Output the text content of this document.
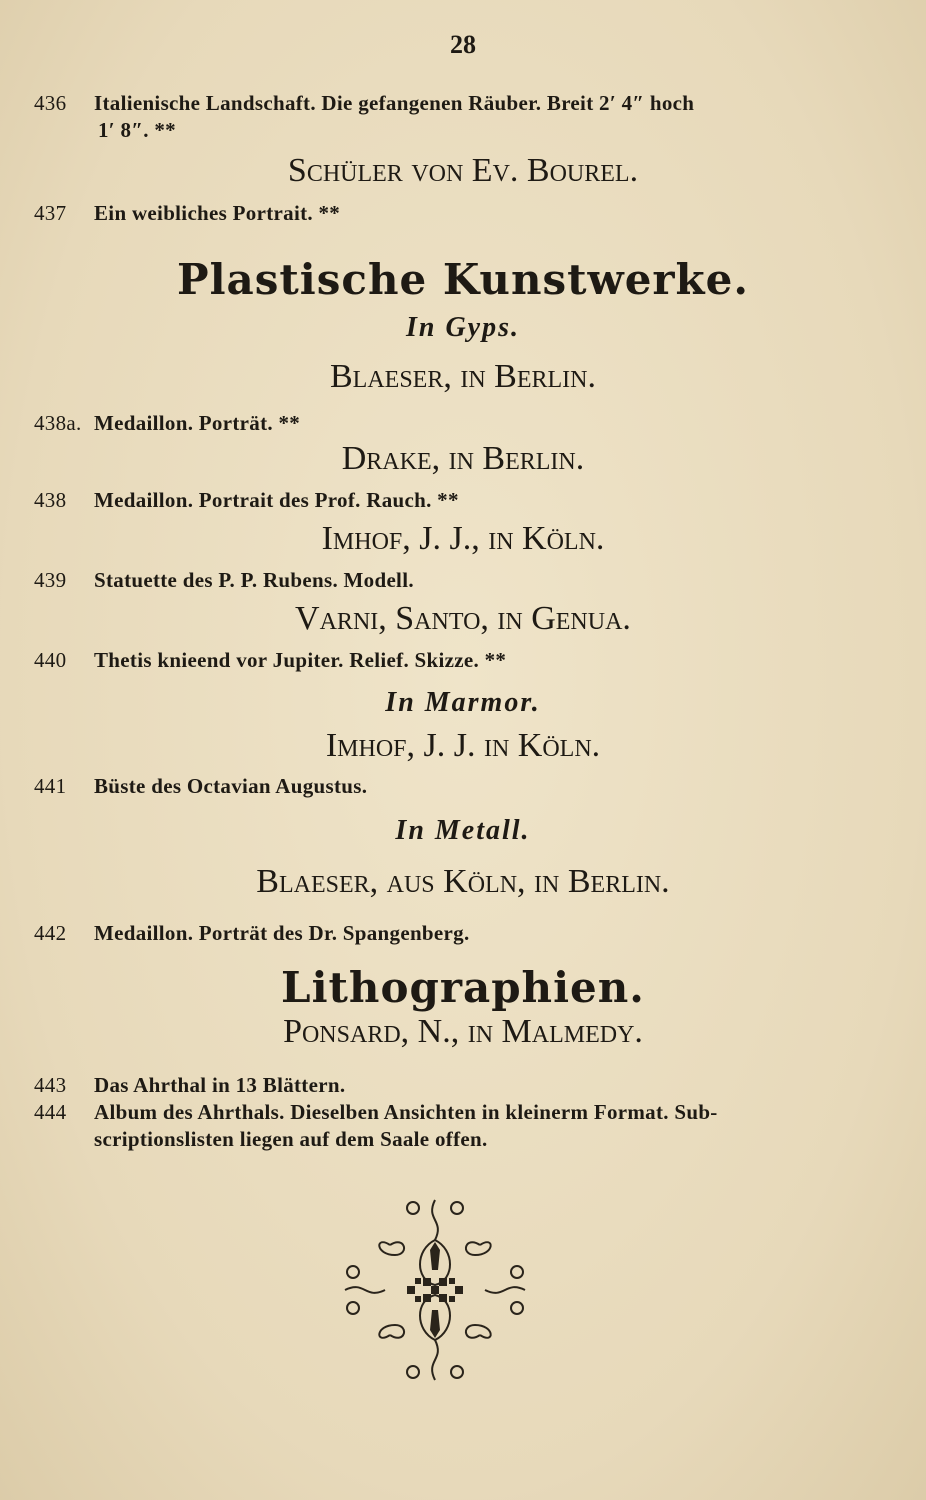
28
436 Italienische Landschaft. Die gefangenen Räuber. Breit 2′ 4″ hoch
1′ 8″. **
Schüler von Ev. Bourel.
437 Ein weibliches Portrait. **
Plastische Kunstwerke.
In Gyps.
Blaeser, in Berlin.
438a. Medaillon. Porträt. **
Drake, in Berlin.
438 Medaillon. Portrait des Prof. Rauch. **
Imhof, J. J., in Köln.
439 Statuette des P. P. Rubens. Modell.
Varni, Santo, in Genua.
440 Thetis knieend vor Jupiter. Relief. Skizze. **
In Marmor.
Imhof, J. J. in Köln.
441 Büste des Octavian Augustus.
In Metall.
Blaeser, aus Köln, in Berlin.
442 Medaillon. Porträt des Dr. Spangenberg.
Lithographien.
Ponsard, N., in Malmedy.
443 Das Ahrthal in 13 Blättern.
444 Album des Ahrthals. Dieselben Ansichten in kleinerm Format. Sub-
scriptionslisten liegen auf dem Saale offen.
